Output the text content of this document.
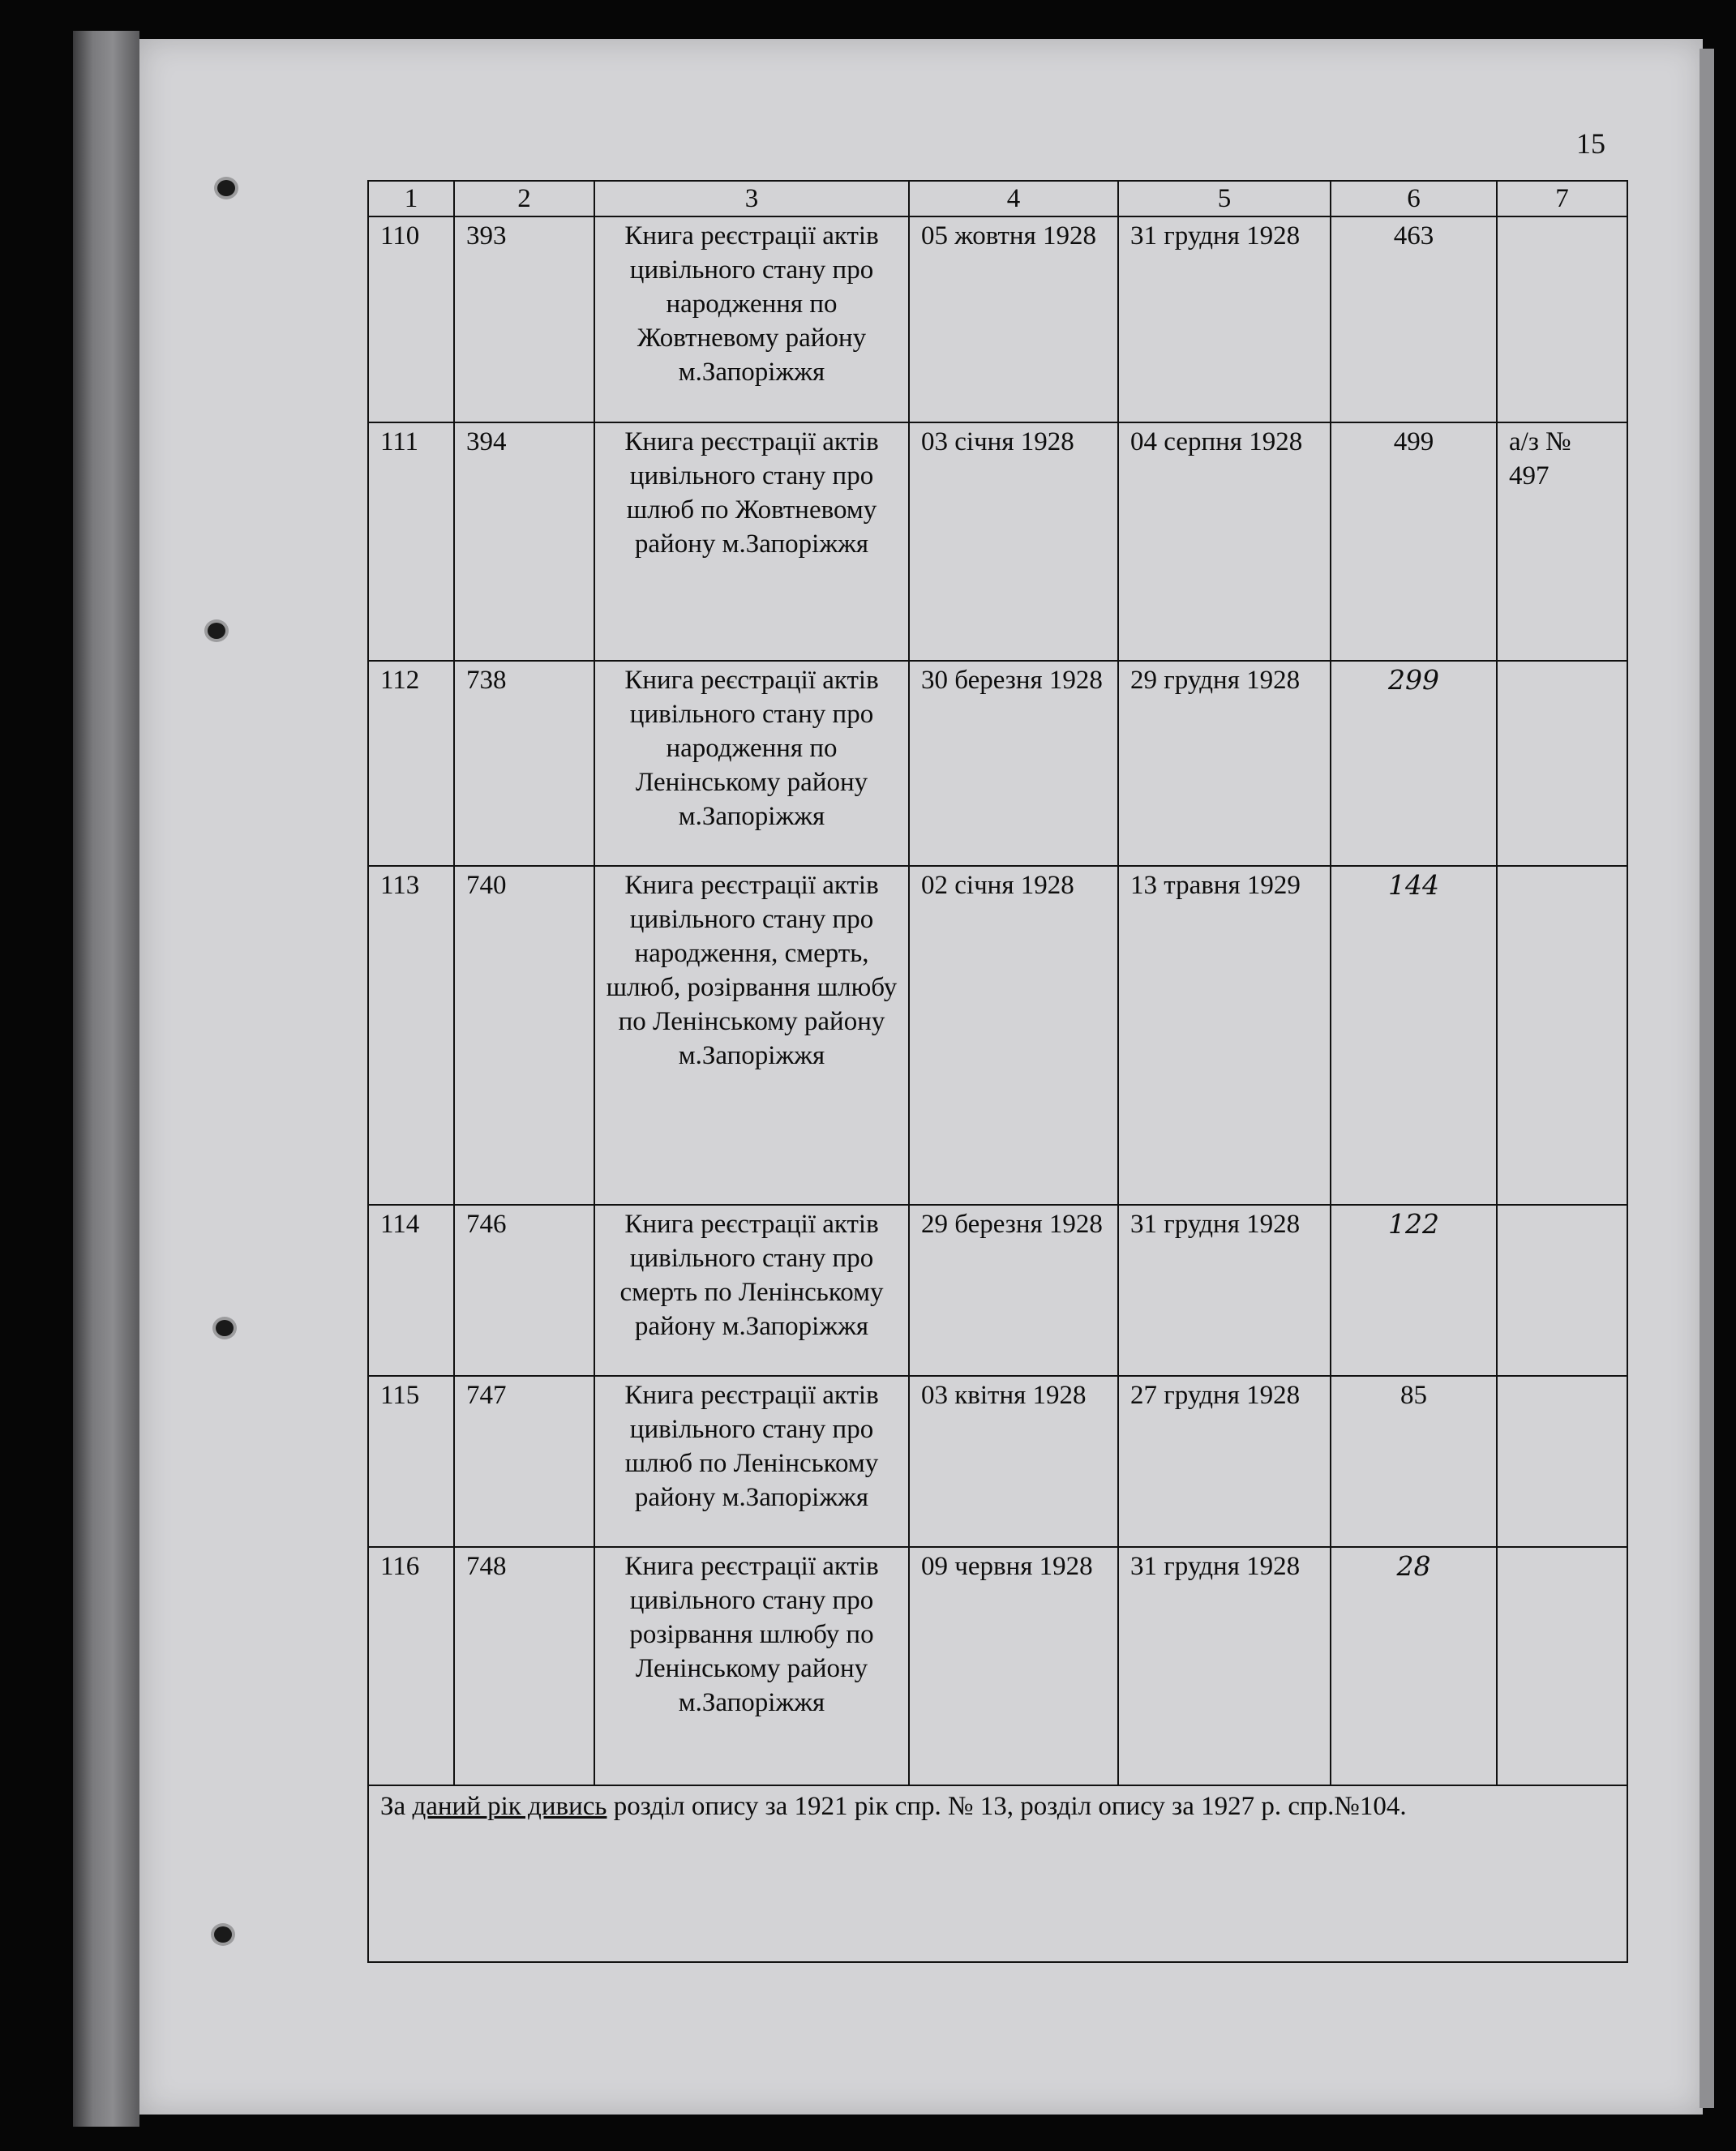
15
1	2	3	4	5	6	7
110	393	Книга реєстрації актів цивільного стану про народження по Жовтневому району м.Запоріжжя	05 жовтня 1928	31 грудня 1928	463	
111	394	Книга реєстрації актів цивільного стану про шлюб по Жовтневому району м.Запоріжжя	03 січня 1928	04 серпня 1928	499	а/з № 497
112	738	Книга реєстрації актів цивільного стану про народження по Ленінському району м.Запоріжжя	30 березня 1928	29 грудня 1928	299	
113	740	Книга реєстрації актів цивільного стану про народження, смерть, шлюб, розірвання шлюбу по Ленінському району м.Запоріжжя	02 січня 1928	13 травня 1929	144	
114	746	Книга реєстрації актів цивільного стану про смерть по Ленінському району м.Запоріжжя	29 березня 1928	31 грудня 1928	122	
115	747	Книга реєстрації актів цивільного стану про шлюб по Ленінському району м.Запоріжжя	03 квітня 1928	27 грудня 1928	85	
116	748	Книга реєстрації актів цивільного стану про розірвання шлюбу по Ленінському району м.Запоріжжя	09 червня 1928	31 грудня 1928	28	
За даний рік дивись розділ опису за 1921 рік спр. № 13, розділ опису за 1927 р. спр.№104.						
